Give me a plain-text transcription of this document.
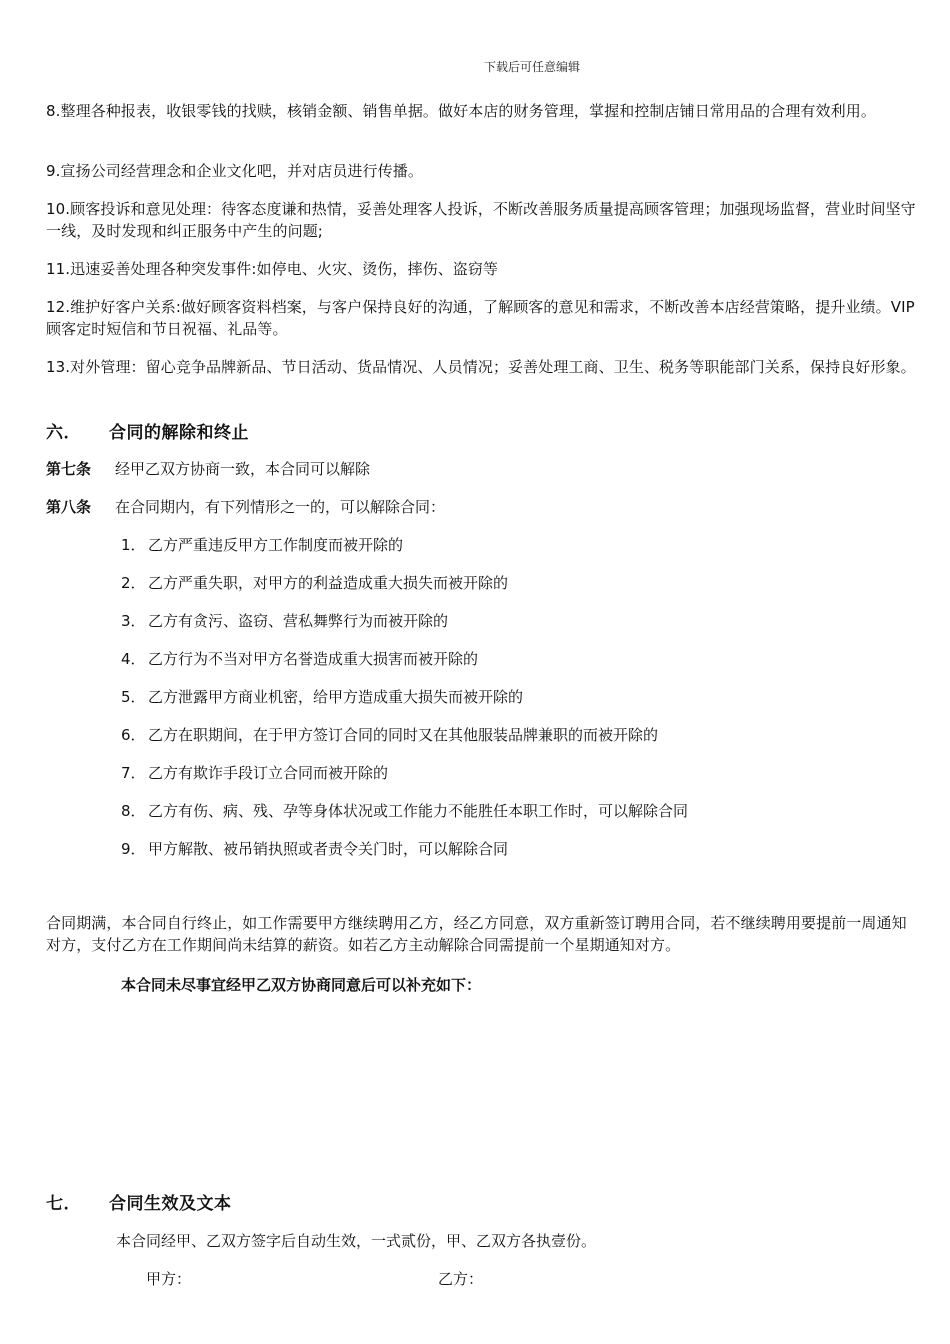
下载后可任意编辑
8.整理各种报表，收银零钱的找赎，核销金额、销售单据。做好本店的财务管理，掌握和控制店铺日常用品的合理有效利用。
9.宣扬公司经营理念和企业文化吧，并对店员进行传播。
10.顾客投诉和意见处理：待客态度谦和热情，妥善处理客人投诉，不断改善服务质量提高顾客管理；加强现场监督，营业时间坚守一线，及时发现和纠正服务中产生的问题;
11.迅速妥善处理各种突发事件:如停电、火灾、烫伤，摔伤、盗窃等
12.维护好客户关系:做好顾客资料档案，与客户保持良好的沟通，了解顾客的意见和需求，不断改善本店经营策略，提升业绩。VIP 顾客定时短信和节日祝福、礼品等。
13.对外管理：留心竞争品牌新品、节日活动、货品情况、人员情况；妥善处理工商、卫生、税务等职能部门关系，保持良好形象。
六． 合同的解除和终止
第七条 经甲乙双方协商一致，本合同可以解除
第八条 在合同期内，有下列情形之一的，可以解除合同：
1． 乙方严重违反甲方工作制度而被开除的
2． 乙方严重失职，对甲方的利益造成重大损失而被开除的
3． 乙方有贪污、盗窃、营私舞弊行为而被开除的
4． 乙方行为不当对甲方名誉造成重大损害而被开除的
5． 乙方泄露甲方商业机密，给甲方造成重大损失而被开除的
6． 乙方在职期间，在于甲方签订合同的同时又在其他服装品牌兼职的而被开除的
7． 乙方有欺诈手段订立合同而被开除的
8． 乙方有伤、病、残、孕等身体状况或工作能力不能胜任本职工作时，可以解除合同
9． 甲方解散、被吊销执照或者责令关门时，可以解除合同
合同期满，本合同自行终止，如工作需要甲方继续聘用乙方，经乙方同意，双方重新签订聘用合同，若不继续聘用要提前一周通知对方，支付乙方在工作期间尚未结算的薪资。如若乙方主动解除合同需提前一个星期通知对方。
本合同未尽事宜经甲乙双方协商同意后可以补充如下：
七． 合同生效及文本
本合同经甲、乙双方签字后自动生效，一式贰份，甲、乙双方各执壹份。
甲方：	乙方：
